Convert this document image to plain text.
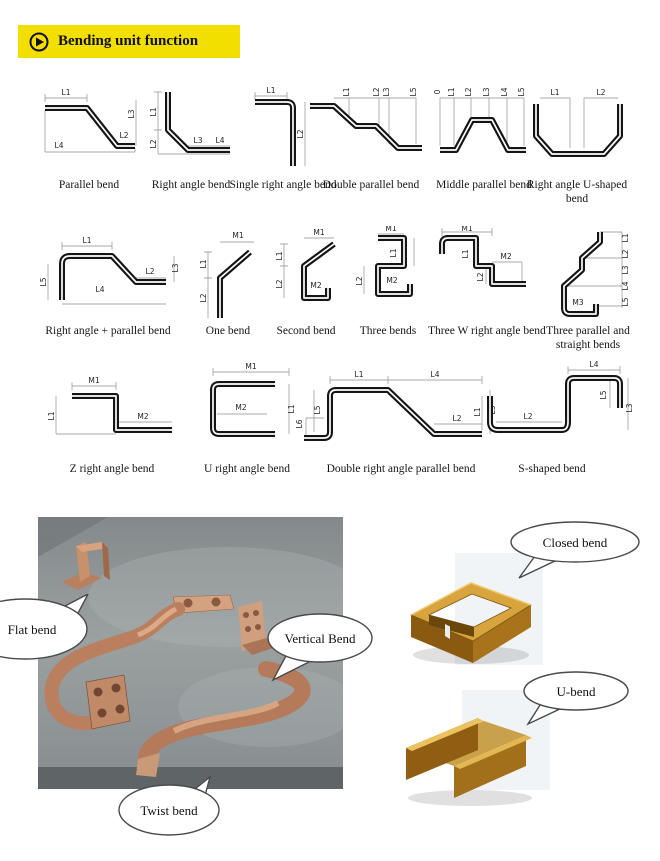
Bending unit function
L1
L3
L2
L4
Parallel bend
L1
L2	L3 L4
Right angle bend
L1
L2
Single right angle bend
L1	L2 L3 L5
Double parallel bend
0 L1 L2 L3 L4 L5
Middle parallel bend
L1	L2
Right angle U-shaped bend
L1
L5
L2
L4
L3
Right angle + parallel bend
M1
L1
L2
One bend
M1
L1
L2	M2
Second bend
M1
L1
M2
L2
Three bends
M1
L1	M2
L2
Three W right angle bend
L1
L2
L3
L4
L5
M3
Three parallel and straight bends
M1
M2
L1
Z right angle bend
M1
M2	L1
U right angle bend
L1	L4
L5
L6
L2
L3
Double right angle parallel bend
L4
L1	L2
L5
L3
S-shaped bend
Flat bend
Vertical Bend
Twist bend
Closed bend
U-bend
